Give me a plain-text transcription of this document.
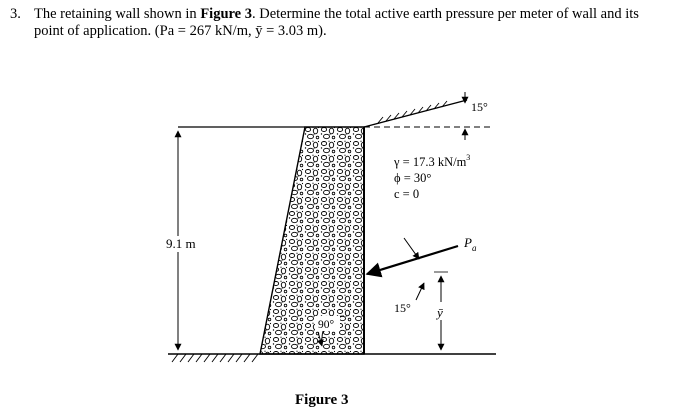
3. The retaining wall shown in Figure 3. Determine the total active earth pressure per meter of wall and its point of application. (Pa = 267 kN/m, ȳ = 3.03 m).
9.1 m
15°
γ = 17.3 $kN/m^3$
ϕ = 30°
c = 0
$P_a$
15° ȳ
90°
Figure 3
